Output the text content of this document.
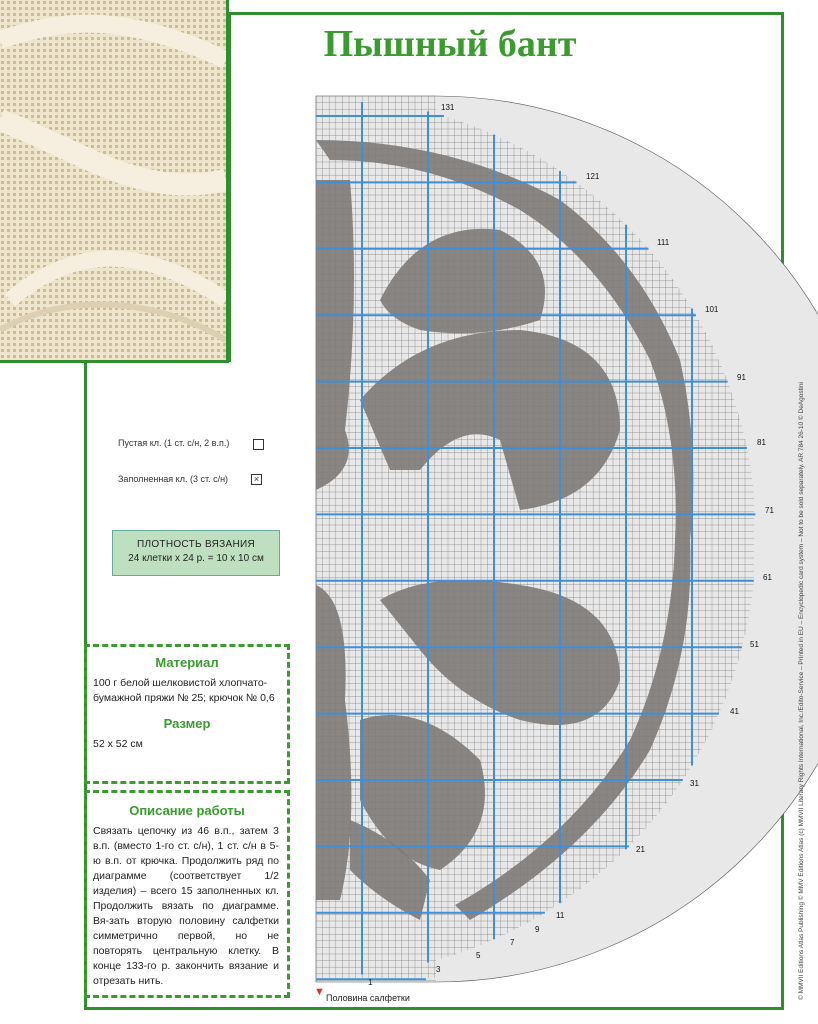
Пышный бант
Пустая кл. (1 ст. с/н, 2 в.п.)
Заполненная кл. (3 ст. с/н)	×
ПЛОТНОСТЬ ВЯЗАНИЯ
24 клетки x 24 р. = 10 x 10 см
Материал
100 г белой шелковистой хлопчато-бумажной пряжи № 25; крючок № 0,6
Размер
52 x 52 см
Описание работы
Связать цепочку из 46 в.п., затем 3 в.п. (вместо 1-го ст. с/н), 1 ст. с/н в 5-ю в.п. от крючка. Продолжить ряд по диаграмме (соответствует 1/2 изделия) – всего 15 заполненных кл. Продолжить вязать по диаграмме. Вя-зать вторую половину салфетки симметрично первой, но не повторять центральную клетку. В конце 133-го р. закончить вязание и отрезать нить.
131
121
111
101
91
81
71
61
51
41
31
21
11
9
7
5
3
1
▼ Половина салфетки	© MMVII Editions Atlas Publishing © MMV Editions Atlas (c) MMVII Literary Rights International, Inc./Edito-Service – Printed in EU – Encyclopedic card system – Not to be sold separately. AR 784 26-10 © DeAgostini
